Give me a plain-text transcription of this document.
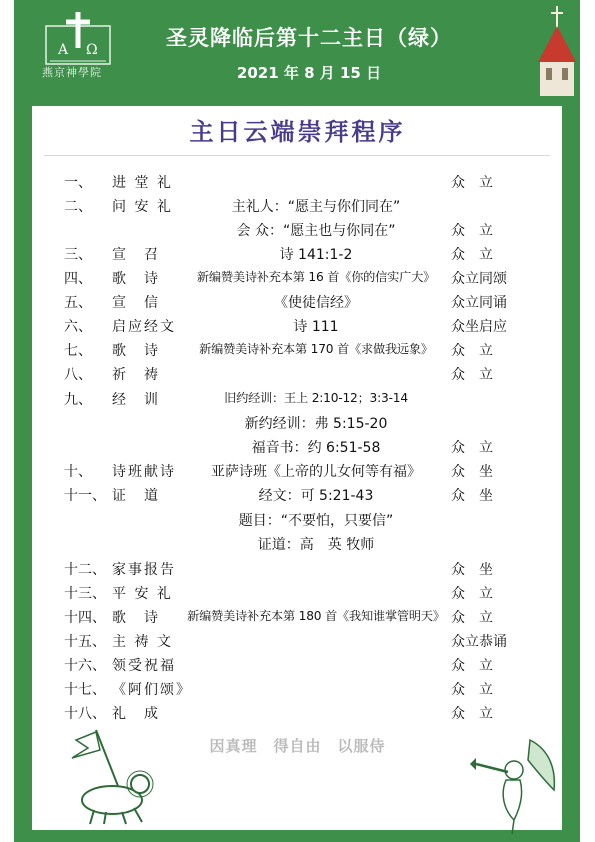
A Ω
燕京神學院
圣灵降临后第十二主日（绿）
2021 年 8 月 15 日
主日云端崇拜程序
一、	进 堂 礼	众　立
二、	问 安 礼	主礼人：“愿主与你们同在”
会 众：“愿主也与你同在”	众　立
三、	宣　召	诗 141:1-2	众　立
四、	歌　诗	新编赞美诗补充本第 16 首《你的信实广大》	众立同颂
五、	宣　信	《使徒信经》	众立同诵
六、	启应经文	诗 111	众坐启应
七、	歌　诗	新编赞美诗补充本第 170 首《求做我远象》	众　立
八、	祈　祷	众　立
九、	经　训	旧约经训：王上 2:10-12；3:3-14
新约经训：弗 5:15-20
福音书：约 6:51-58	众　立
十、	诗班献诗	亚萨诗班《上帝的儿女何等有福》	众　坐
十一、 证　道	经文：可 5:21-43	众　坐
题目：“不要怕，只要信”
证道：高　英 牧师
十二、 家事报告	众　坐
十三、 平 安 礼	众　立
十四、 歌　诗	新编赞美诗补充本第 180 首《我知谁掌管明天》 众　立
十五、 主 祷 文	众立恭诵
十六、 领受祝福	众　立
十七、 《阿们颂》	众　立
十八、 礼　成	众　立
因真理　得自由　以服侍
